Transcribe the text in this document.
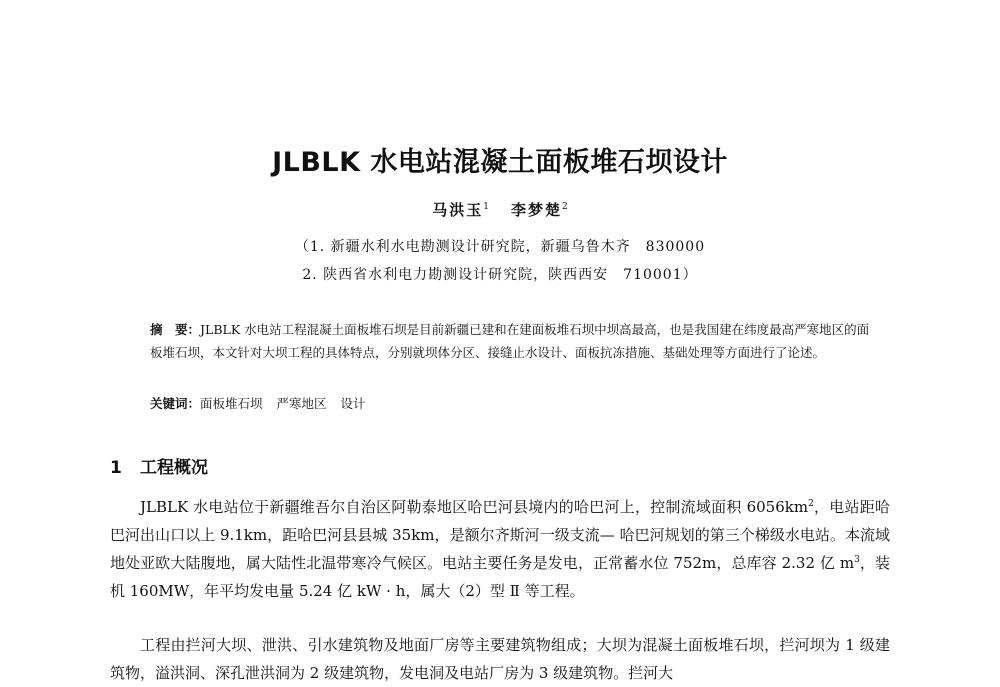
JLBLK 水电站混凝土面板堆石坝设计
马洪玉$^1$ 李梦楚$^2$
（1. 新疆水利水电勘测设计研究院，新疆乌鲁木齐　830000
2. 陕西省水利电力勘测设计研究院，陕西西安　710001）

摘　要：JLBLK 水电站工程混凝土面板堆石坝是目前新疆已建和在建面板堆石坝中坝高最高，也是我国建在纬度最高严寒地区的面板堆石坝，本文针对大坝工程的具体特点，分别就坝体分区、接缝止水设计、面板抗冻措施、基础处理等方面进行了论述。

关键词：面板堆石坝 严寒地区 设计
1 工程概况

JLBLK 水电站位于新疆维吾尔自治区阿勒泰地区哈巴河县境内的哈巴河上，控制流域面积 $6056km^2$，电站距哈巴河出山口以上 9.1km，距哈巴河县县城 35km，是额尔齐斯河一级支流— 哈巴河规划的第三个梯级水电站。本流域地处亚欧大陆腹地，属大陆性北温带寒冷气候区。电站主要任务是发电，正常蓄水位 752m，总库容 2.32 亿 $m^3$，装机 160MW，年平均发电量 5.24 亿 kW · h，属大（2）型 Ⅱ 等工程。

工程由拦河大坝、泄洪、引水建筑物及地面厂房等主要建筑物组成；大坝为混凝土面板堆石坝，拦河坝为 1 级建筑物，溢洪洞、深孔泄洪洞为 2 级建筑物，发电洞及电站厂房为 3 级建筑物。拦河大
